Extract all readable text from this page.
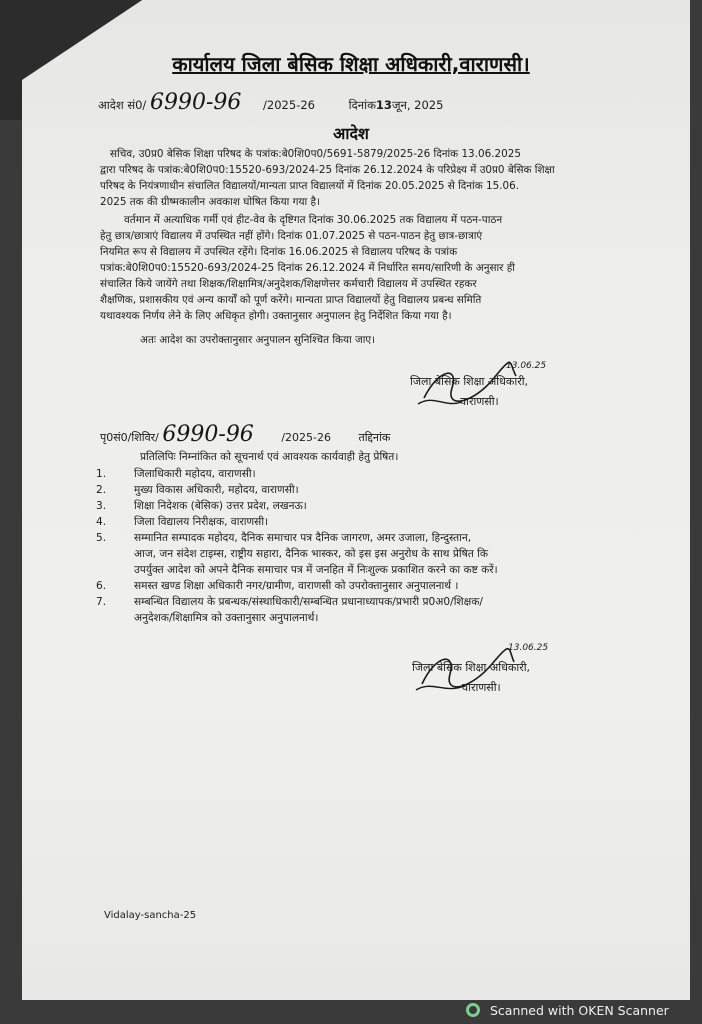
कार्यालय जिला बेसिक शिक्षा अधिकारी,वाराणसी।
आदेश सं0/ 6990-96 /2025-26	दिनांक13जून, 2025
आदेश
सचिव, उ0प्र0 बेसिक शिक्षा परिषद के पत्रांक:बे0शि0प0/5691-5879/2025-26 दिनांक 13.06.2025
द्वारा परिषद के पत्रांक:बे0शि0प0:15520-693/2024-25 दिनांक 26.12.2024 के परिप्रेक्ष्य में उ0प्र0 बेसिक शिक्षा
परिषद के नियंत्रणाधीन संचालित विद्यालयों/मान्यता प्राप्त विद्यालयों में दिनांक 20.05.2025 से दिनांक 15.06.
2025 तक की ग्रीष्मकालीन अवकाश घोषित किया गया है।
वर्तमान में अत्याधिक गर्मी एवं हीट-वेव के दृष्टिगत दिनांक 30.06.2025 तक विद्यालय में पठन-पाठन
हेतु छात्र/छात्राएं विद्यालय में उपस्थित नहीं होंगे। दिनांक 01.07.2025 से पठन-पाठन हेतु छात्र-छात्राएं
नियमित रूप से विद्यालय में उपस्थित रहेंगे। दिनांक 16.06.2025 से विद्यालय परिषद के पत्रांक
पत्रांक:बे0शि0प0:15520-693/2024-25 दिनांक 26.12.2024 में निर्धारित समय/सारिणी के अनुसार ही
संचालित किये जायेंगे तथा शिक्षक/शिक्षामित्र/अनुदेशक/शिक्षणेत्तर कर्मचारी विद्यालय में उपस्थित रहकर
शैक्षणिक, प्रशासकीय एवं अन्य कार्यों को पूर्ण करेंगे। मान्यता प्राप्त विद्यालयों हेतु विद्यालय प्रबन्ध समिति
यथावश्यक निर्णय लेने के लिए अधिकृत होगी। उक्तानुसार अनुपालन हेतु निर्देशित किया गया है।
अतः आदेश का उपरोक्तानुसार अनुपालन सुनिश्चित किया जाए।
13.06.25
जिला बेसिक शिक्षा अधिकारी,
वाराणसी।
पृ0सं0/शिविर/ 6990-96	/2025-26	तद्दिनांक
प्रतिलिपिः निम्नांकित को सूचनार्थ एवं आवश्यक कार्यवाही हेतु प्रेषित।
1.	जिलाधिकारी महोदय, वाराणसी।
2.	मुख्य विकास अधिकारी, महोदय, वाराणसी।
3.	शिक्षा निदेशक (बेसिक) उत्तर प्रदेश, लखनऊ।
4.	जिला विद्यालय निरीक्षक, वाराणसी।
5.	सम्मानित सम्पादक महोदय, दैनिक समाचार पत्र दैनिक जागरण, अमर उजाला, हिन्दुस्तान,
आज, जन संदेश टाइम्स, राष्ट्रीय सहारा, दैनिक भास्कर, को इस इस अनुरोध के साथ प्रेषित कि
उपर्युक्त आदेश को अपने दैनिक समाचार पत्र में जनहित में निःशुल्क प्रकाशित करने का कष्ट करें।
6.	समस्त खण्ड शिक्षा अधिकारी नगर/ग्रामीण, वाराणसी को उपरोक्तानुसार अनुपालनार्थ ।
7.	सम्बन्धित विद्यालय के प्रबन्धक/संस्थाधिकारी/सम्बन्धित प्रधानाध्यापक/प्रभारी प्र0अ0/शिक्षक/
अनुदेशक/शिक्षामित्र को उक्तानुसार अनुपालनार्थ।
13.06.25
जिला बेसिक शिक्षा अधिकारी,
वाराणसी।
Vidalay-sancha-25
Scanned with OKEN Scanner
